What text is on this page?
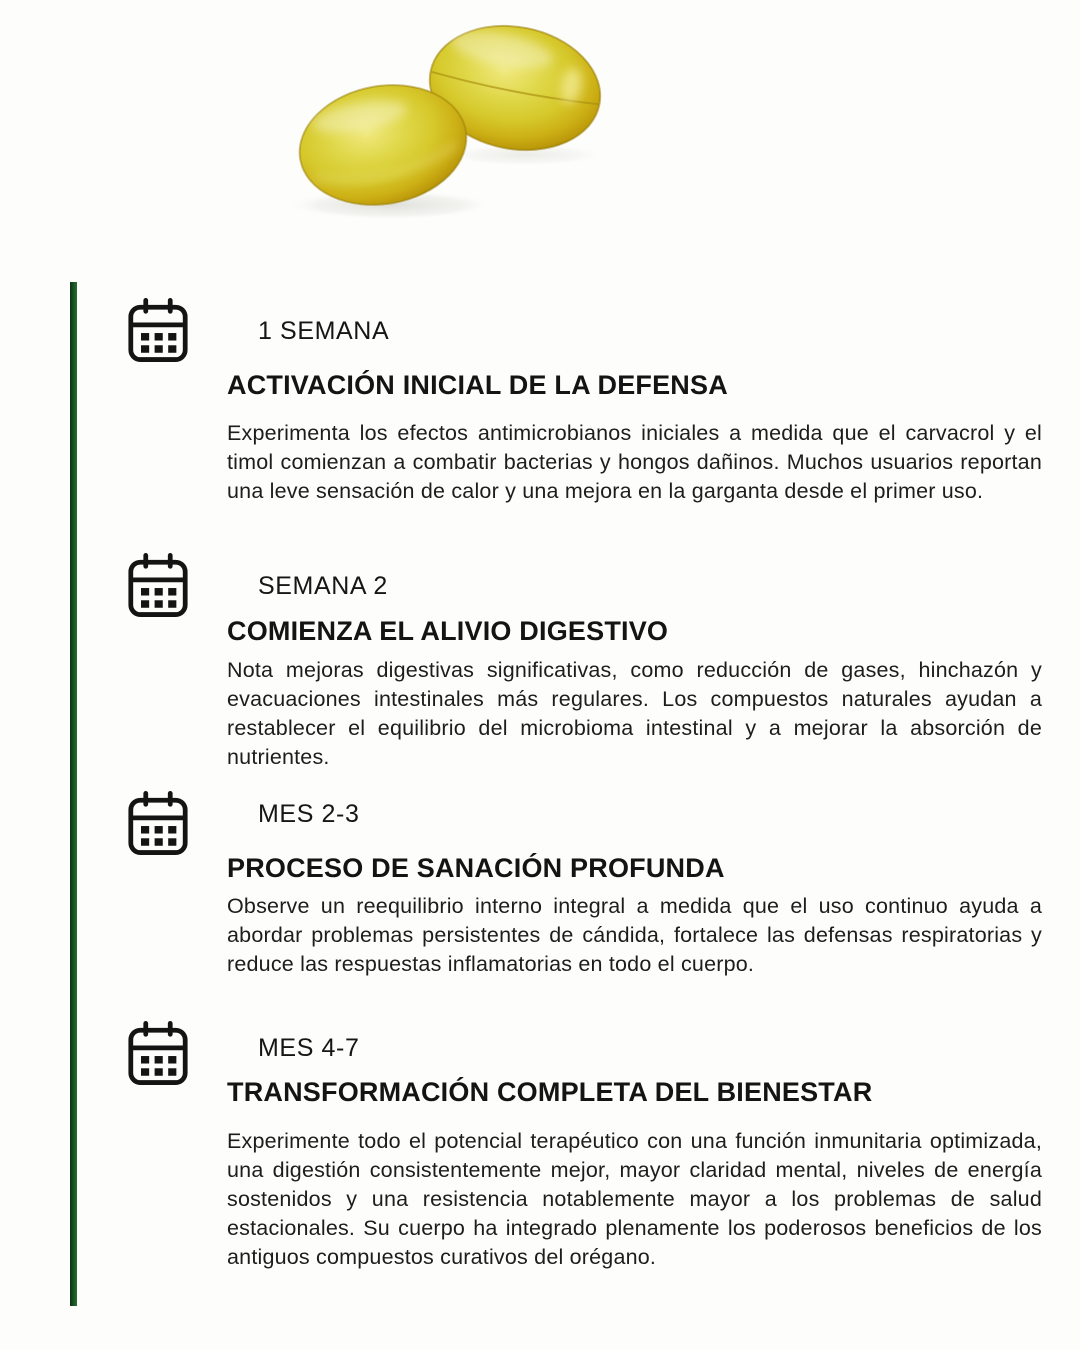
1 SEMANA
ACTIVACIÓN INICIAL DE LA DEFENSA

Experimenta los efectos antimicrobianos iniciales a medida que el carvacrol y el timol comienzan a combatir bacterias y hongos dañinos. Muchos usuarios reportan una leve sensación de calor y una mejora en la garganta desde el primer uso.

SEMANA 2
COMIENZA EL ALIVIO DIGESTIVO

Nota mejoras digestivas significativas, como reducción de gases, hinchazón y evacuaciones intestinales más regulares. Los compuestos naturales ayudan a restablecer el equilibrio del microbioma intestinal y a mejorar la absorción de nutrientes.

MES 2-3
PROCESO DE SANACIÓN PROFUNDA

Observe un reequilibrio interno integral a medida que el uso continuo ayuda a abordar problemas persistentes de cándida, fortalece las defensas respiratorias y reduce las respuestas inflamatorias en todo el cuerpo.

MES 4-7
TRANSFORMACIÓN COMPLETA DEL BIENESTAR

Experimente todo el potencial terapéutico con una función inmunitaria optimizada, una digestión consistentemente mejor, mayor claridad mental, niveles de energía sostenidos y una resistencia notablemente mayor a los problemas de salud estacionales. Su cuerpo ha integrado plenamente los poderosos beneficios de los antiguos compuestos curativos del orégano.
